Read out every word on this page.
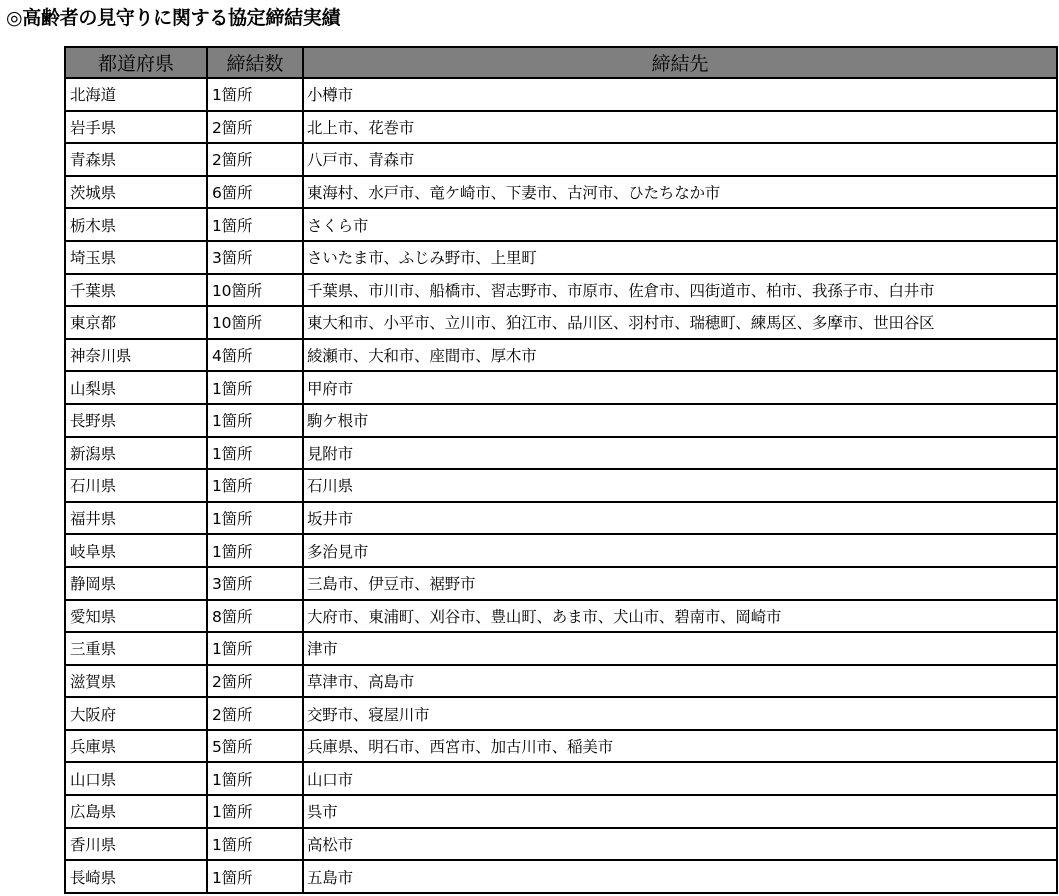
◎高齢者の見守りに関する協定締結実績
都道府県	締結数	締結先
北海道	1箇所	小樽市
岩手県	2箇所	北上市、花巻市
青森県	2箇所	八戸市、青森市
茨城県	6箇所	東海村、水戸市、竜ケ崎市、下妻市、古河市、ひたちなか市
栃木県	1箇所	さくら市
埼玉県	3箇所	さいたま市、ふじみ野市、上里町
千葉県	10箇所	千葉県、市川市、船橋市、習志野市、市原市、佐倉市、四街道市、柏市、我孫子市、白井市
東京都	10箇所	東大和市、小平市、立川市、狛江市、品川区、羽村市、瑞穂町、練馬区、多摩市、世田谷区
神奈川県	4箇所	綾瀬市、大和市、座間市、厚木市
山梨県	1箇所	甲府市
長野県	1箇所	駒ケ根市
新潟県	1箇所	見附市
石川県	1箇所	石川県
福井県	1箇所	坂井市
岐阜県	1箇所	多治見市
静岡県	3箇所	三島市、伊豆市、裾野市
愛知県	8箇所	大府市、東浦町、刈谷市、豊山町、あま市、犬山市、碧南市、岡崎市
三重県	1箇所	津市
滋賀県	2箇所	草津市、高島市
大阪府	2箇所	交野市、寝屋川市
兵庫県	5箇所	兵庫県、明石市、西宮市、加古川市、稲美市
山口県	1箇所	山口市
広島県	1箇所	呉市
香川県	1箇所	高松市
長崎県	1箇所	五島市
